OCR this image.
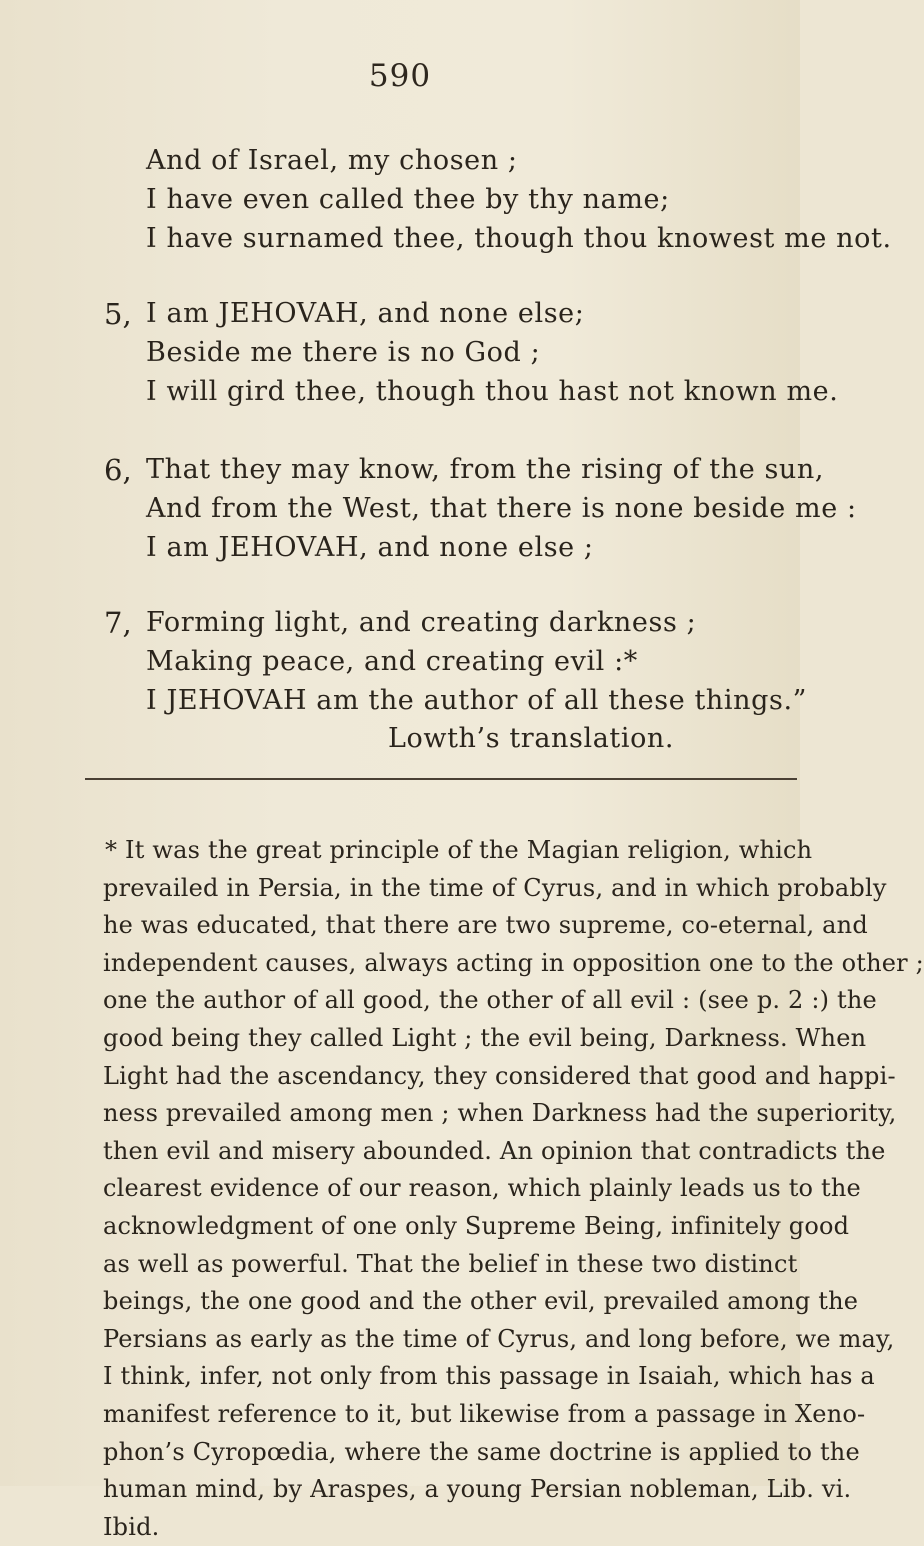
590
And of Israel, my chosen ;
I have even called thee by thy name;
I have surnamed thee, though thou knowest me not.
5, I am JEHOVAH, and none else;
Beside me there is no God ;
I will gird thee, though thou hast not known me.
6, That they may know, from the rising of the sun,
And from the West, that there is none beside me :
I am JEHOVAH, and none else ;
7, Forming light, and creating darkness ;
Making peace, and creating evil :*
I JEHOVAH am the author of all these things.”
Lowth’s translation.
* It was the great principle of the Magian religion, which
prevailed in Persia, in the time of Cyrus, and in which probably
he was educated, that there are two supreme, co-eternal, and
independent causes, always acting in opposition one to the other ;
one the author of all good, the other of all evil : (see p. 2 :) the
good being they called Light ; the evil being, Darkness. When
Light had the ascendancy, they considered that good and happi-
ness prevailed among men ; when Darkness had the superiority,
then evil and misery abounded. An opinion that contradicts the
clearest evidence of our reason, which plainly leads us to the
acknowledgment of one only Supreme Being, infinitely good
as well as powerful. That the belief in these two distinct
beings, the one good and the other evil, prevailed among the
Persians as early as the time of Cyrus, and long before, we may,
I think, infer, not only from this passage in Isaiah, which has a
manifest reference to it, but likewise from a passage in Xeno-
phon’s Cyropœdia, where the same doctrine is applied to the
human mind, by Araspes, a young Persian nobleman, Lib. vi.
Ibid.
